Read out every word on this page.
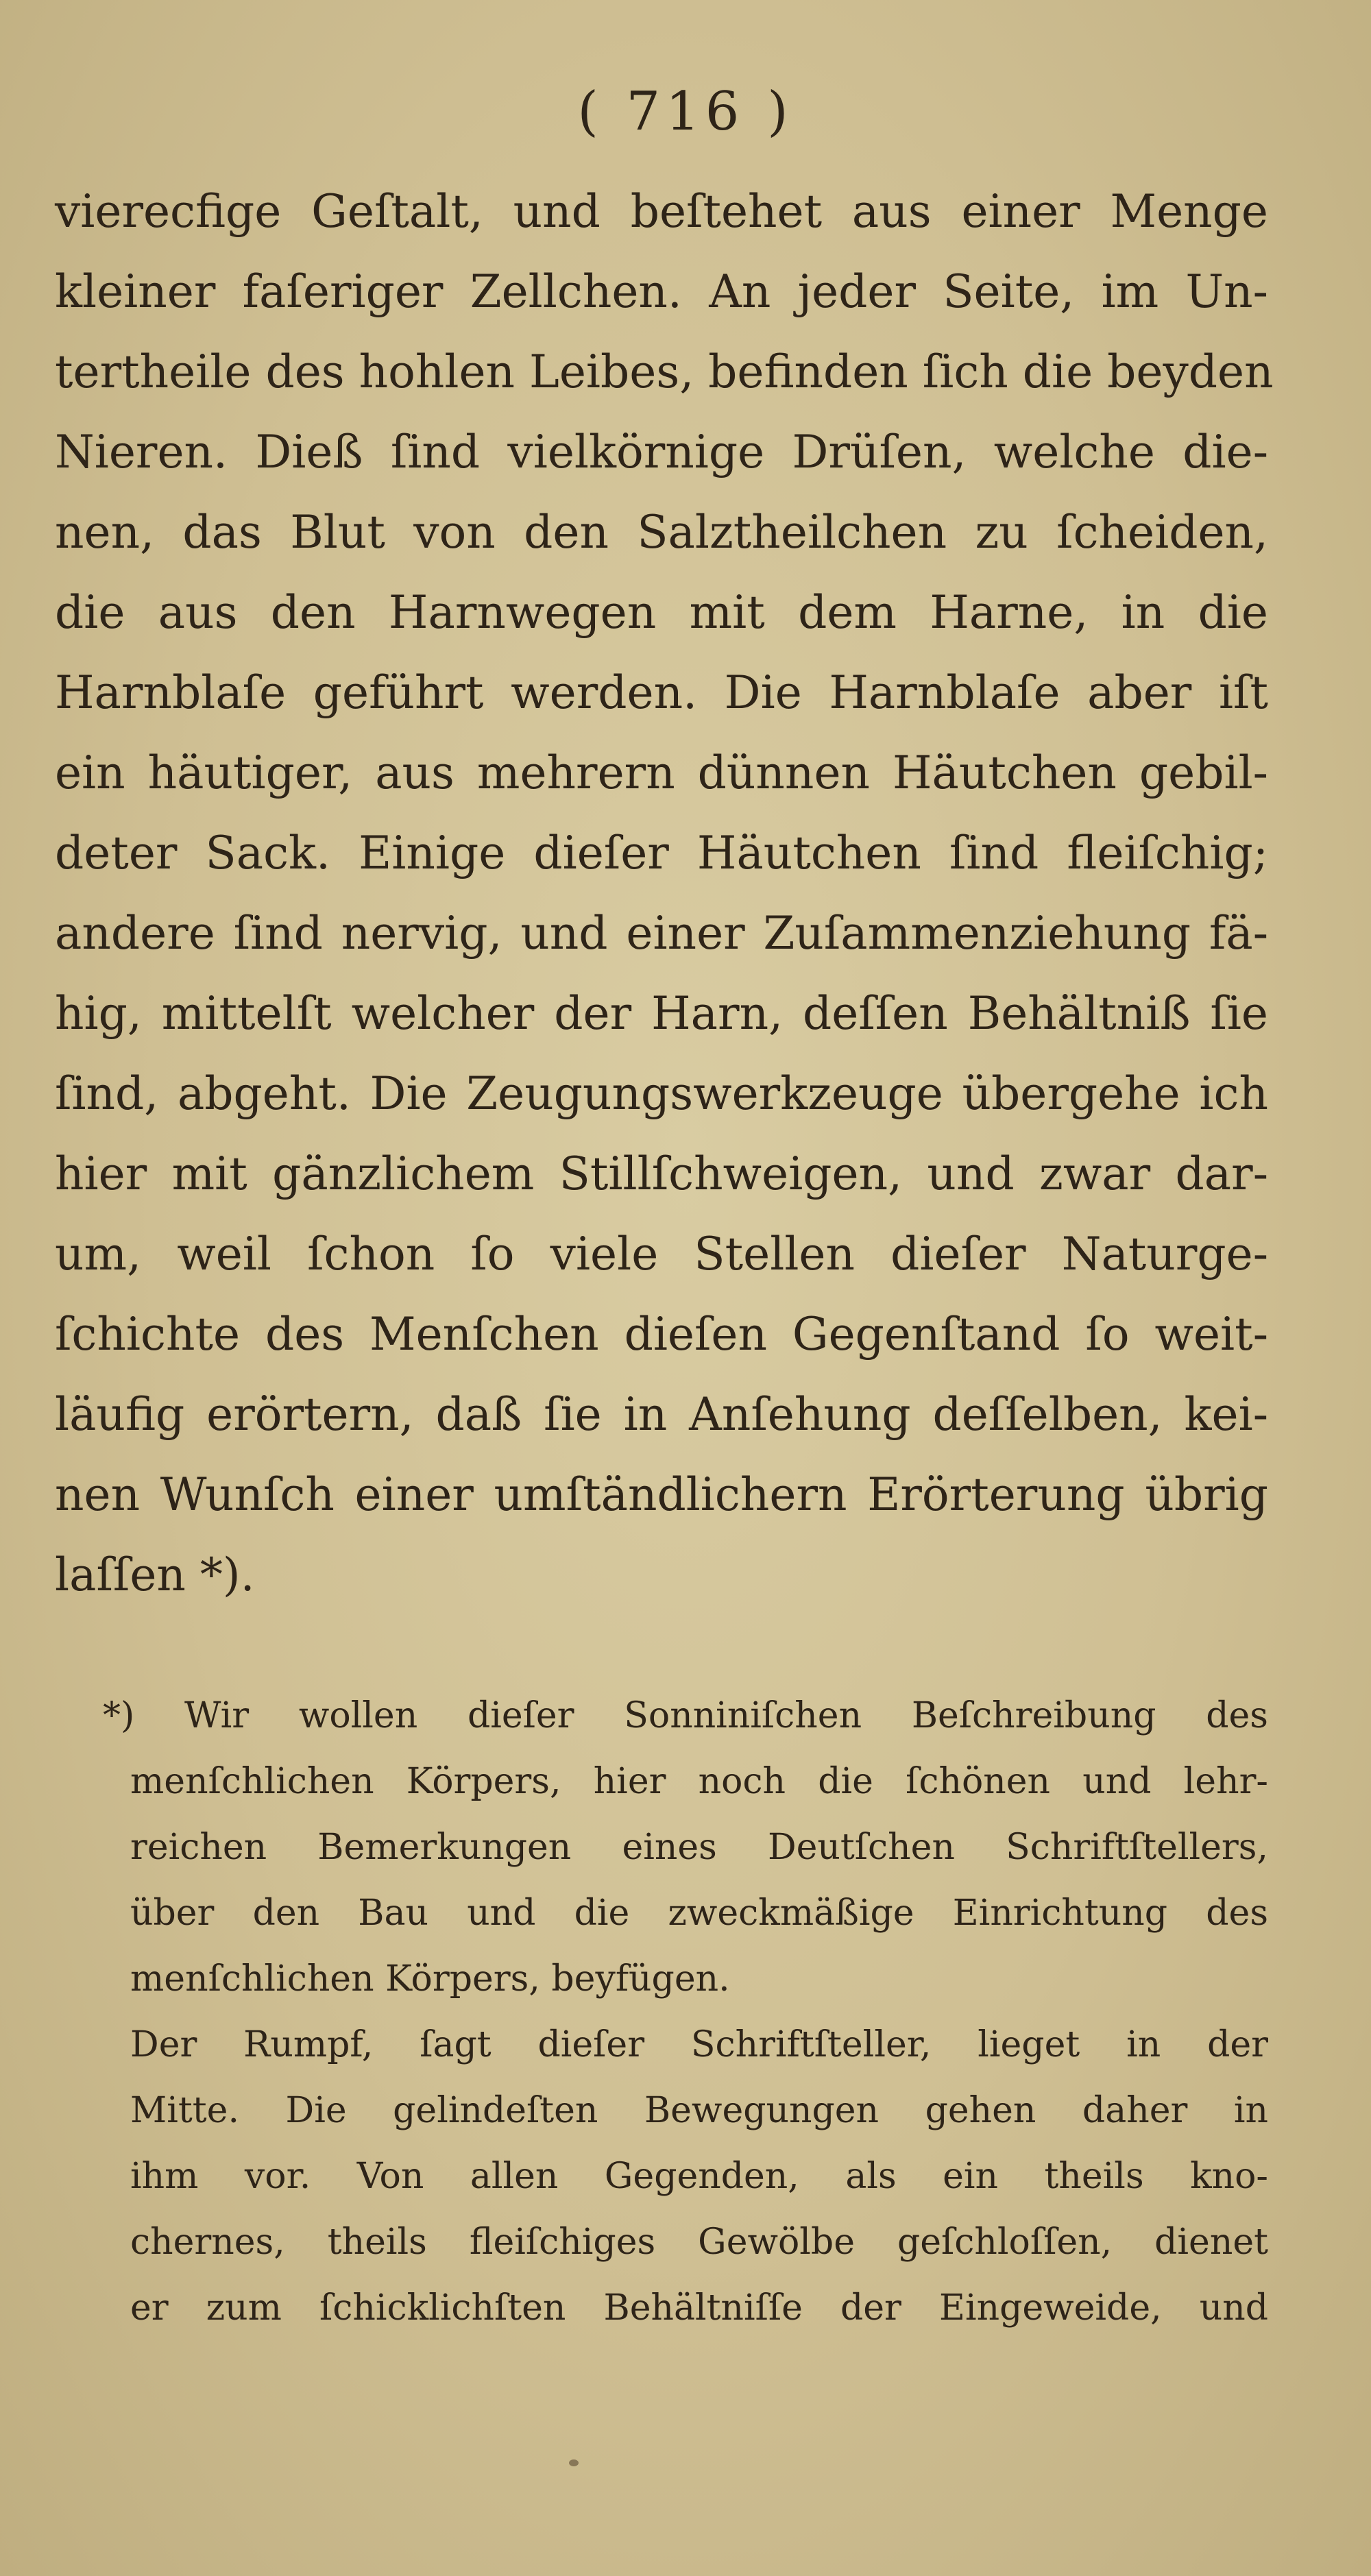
( 716 )
vierecfige Geſtalt, und beſtehet aus einer Menge
kleiner faſeriger Zellchen. An jeder Seite, im Un-
tertheile des hohlen Leibes, befinden ſich die beyden
Nieren. Dieß ſind vielkörnige Drüſen, welche die-
nen, das Blut von den Salztheilchen zu ſcheiden,
die aus den Harnwegen mit dem Harne, in die
Harnblaſe geführt werden. Die Harnblaſe aber iſt
ein häutiger, aus mehrern dünnen Häutchen gebil-
deter Sack. Einige dieſer Häutchen ſind fleiſchig;
andere ſind nervig, und einer Zuſammenziehung fä-
hig, mittelſt welcher der Harn, deſſen Behältniß ſie
ſind, abgeht. Die Zeugungswerkzeuge übergehe ich
hier mit gänzlichem Stillſchweigen, und zwar dar-
um, weil ſchon ſo viele Stellen dieſer Naturge-
ſchichte des Menſchen dieſen Gegenſtand ſo weit-
läufig erörtern, daß ſie in Anſehung deſſelben, kei-
nen Wunſch einer umſtändlichern Erörterung übrig
laſſen *).
*) Wir wollen dieſer Sonniniſchen Beſchreibung des
menſchlichen Körpers, hier noch die ſchönen und lehr-
reichen Bemerkungen eines Deutſchen Schriftſtellers,
über den Bau und die zweckmäßige Einrichtung des
menſchlichen Körpers, beyfügen.
Der Rumpf, ſagt dieſer Schriftſteller, lieget in der
Mitte. Die gelindeſten Bewegungen gehen daher in
ihm vor. Von allen Gegenden, als ein theils kno-
chernes, theils fleiſchiges Gewölbe geſchloſſen, dienet
er zum ſchicklichſten Behältniſſe der Eingeweide, und
